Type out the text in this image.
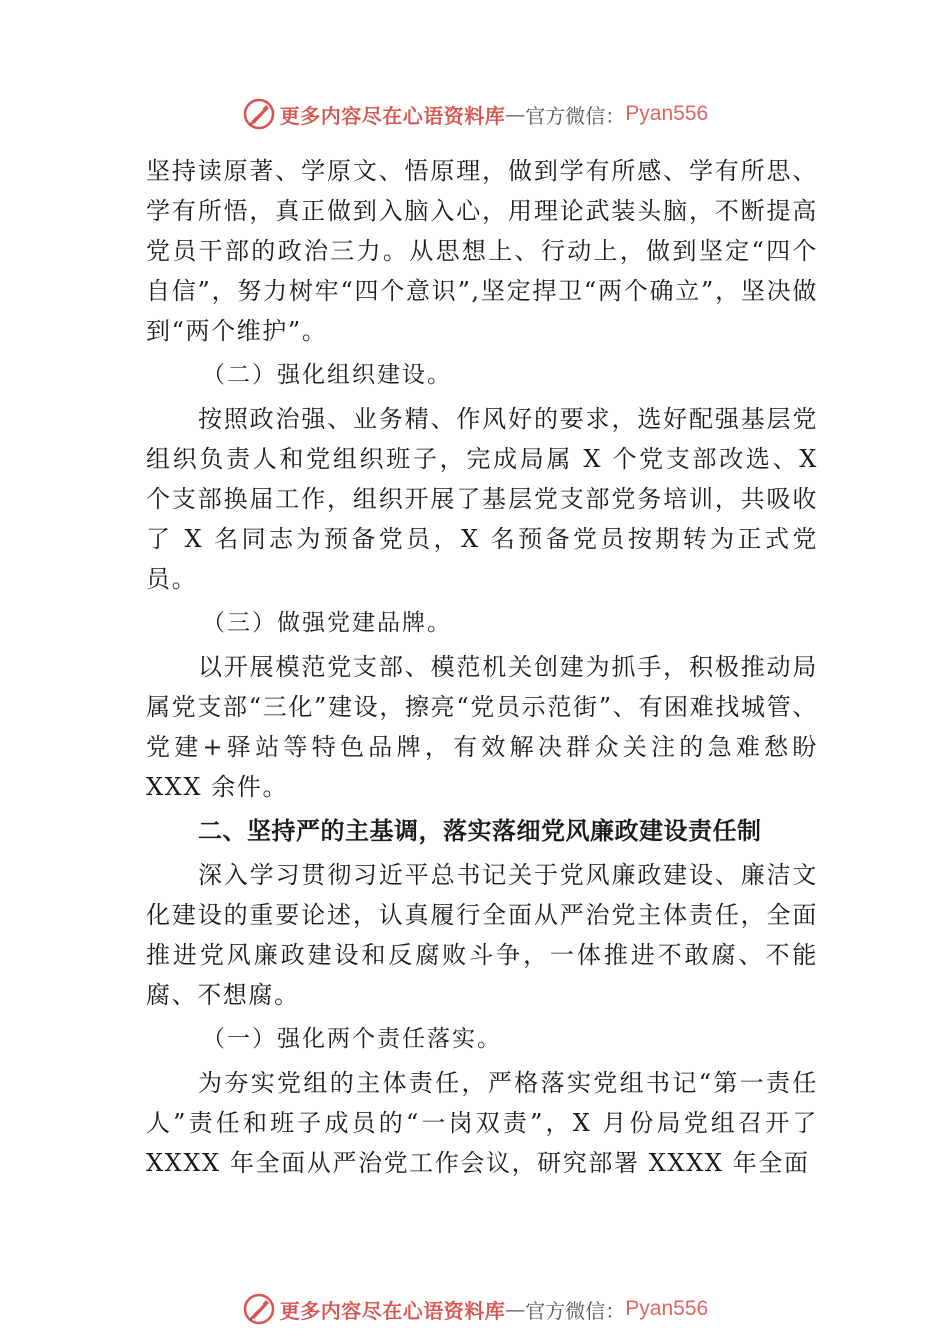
更多内容尽在心语资料库 — 官方微信： Pyan556

坚持读原著、学原文、悟原理，做到学有所感、学有所思、 学有所悟，真正做到入脑入心，用理论武装头脑，不断提高党员干部的政治三力。从思想上、行动上，做到坚定“四个自信”，努力树牢“四个意识”,坚定捍卫“两个确立”，坚决做到“两个维护”。

（二）强化组织建设。

按照政治强、业务精、作风好的要求，选好配强基层党组织负责人和党组织班子，完成局属 X 个党支部改选、X 个支部换届工作，组织开展了基层党支部党务培训，共吸收了 X 名同志为预备党员，X 名预备党员按期转为正式党员。

（三）做强党建品牌。

以开展模范党支部、模范机关创建为抓手，积极推动局属党支部“三化”建设，擦亮“党员示范街”、有困难找城管、 党建+驿站等特色品牌，有效解决群众关注的急难愁盼 XXX 余件。

二、坚持严的主基调，落实落细党风廉政建设责任制

深入学习贯彻习近平总书记关于党风廉政建设、廉洁文化建设的重要论述，认真履行全面从严治党主体责任，全面推进党风廉政建设和反腐败斗争，一体推进不敢腐、不能腐、不想腐。

（一）强化两个责任落实。

为夯实党组的主体责任，严格落实党组书记“第一责任人”责任和班子成员的“一岗双责”，X 月份局党组召开了 XXXX 年全面从严治党工作会议，研究部署 XXXX 年全面

更多内容尽在心语资料库 — 官方微信： Pyan556
